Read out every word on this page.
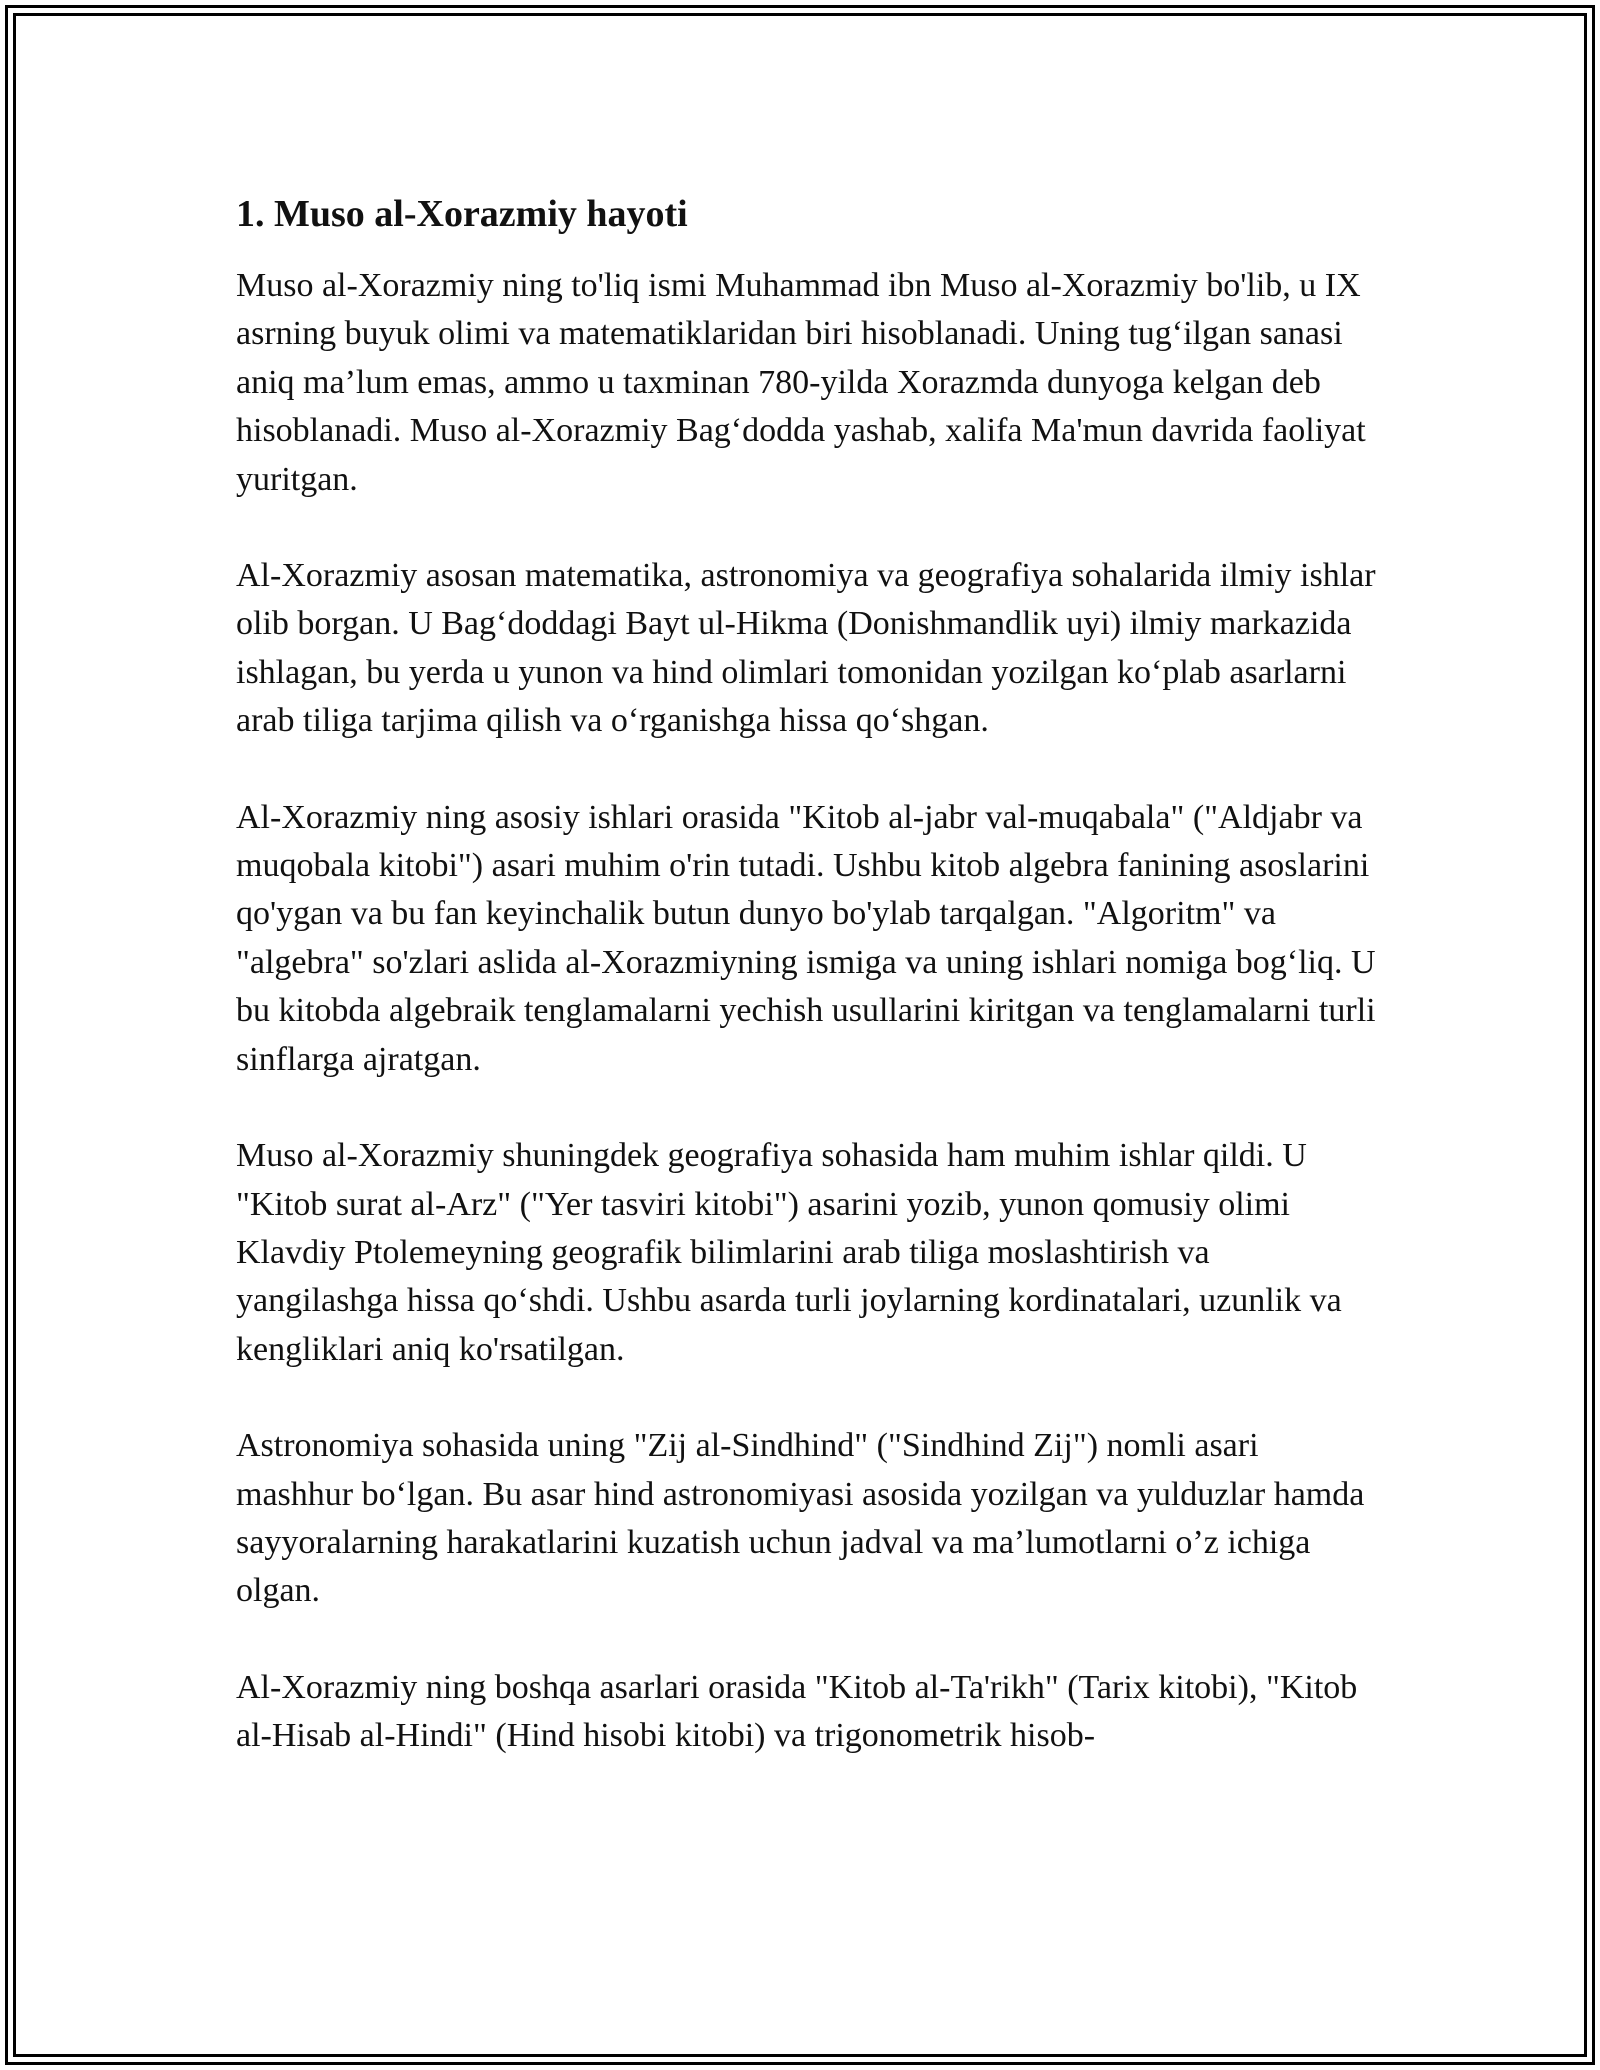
1. Muso al-Xorazmiy hayoti

Muso al-Xorazmiy ning to'liq ismi Muhammad ibn Muso al-Xorazmiy bo'lib, u IX asrning buyuk olimi va matematiklaridan biri hisoblanadi. Uning tug‘ilgan sanasi aniq ma’lum emas, ammo u taxminan 780-yilda Xorazmda dunyoga kelgan deb hisoblanadi. Muso al-Xorazmiy Bag‘dodda yashab, xalifa Ma'mun davrida faoliyat yuritgan.

Al-Xorazmiy asosan matematika, astronomiya va geografiya sohalarida ilmiy ishlar olib borgan. U Bag‘doddagi Bayt ul-Hikma (Donishmandlik uyi) ilmiy markazida ishlagan, bu yerda u yunon va hind olimlari tomonidan yozilgan ko‘plab asarlarni arab tiliga tarjima qilish va o‘rganishga hissa qo‘shgan.

Al-Xorazmiy ning asosiy ishlari orasida "Kitob al-jabr val-muqabala" ("Aldjabr va muqobala kitobi") asari muhim o'rin tutadi. Ushbu kitob algebra fanining asoslarini qo'ygan va bu fan keyinchalik butun dunyo bo'ylab tarqalgan. "Algoritm" va "algebra" so'zlari aslida al-Xorazmiyning ismiga va uning ishlari nomiga bog‘liq. U bu kitobda algebraik tenglamalarni yechish usullarini kiritgan va tenglamalarni turli sinflarga ajratgan.

Muso al-Xorazmiy shuningdek geografiya sohasida ham muhim ishlar qildi. U "Kitob surat al-Arz" ("Yer tasviri kitobi") asarini yozib, yunon qomusiy olimi Klavdiy Ptolemeyning geografik bilimlarini arab tiliga moslashtirish va yangilashga hissa qo‘shdi. Ushbu asarda turli joylarning kordinatalari, uzunlik va kengliklari aniq ko'rsatilgan.

Astronomiya sohasida uning "Zij al-Sindhind" ("Sindhind Zij") nomli asari mashhur bo‘lgan. Bu asar hind astronomiyasi asosida yozilgan va yulduzlar hamda sayyoralarning harakatlarini kuzatish uchun jadval va ma’lumotlarni o’z ichiga olgan.

Al-Xorazmiy ning boshqa asarlari orasida "Kitob al-Ta'rikh" (Tarix kitobi), "Kitob al-Hisab al-Hindi" (Hind hisobi kitobi) va trigonometrik hisob-
